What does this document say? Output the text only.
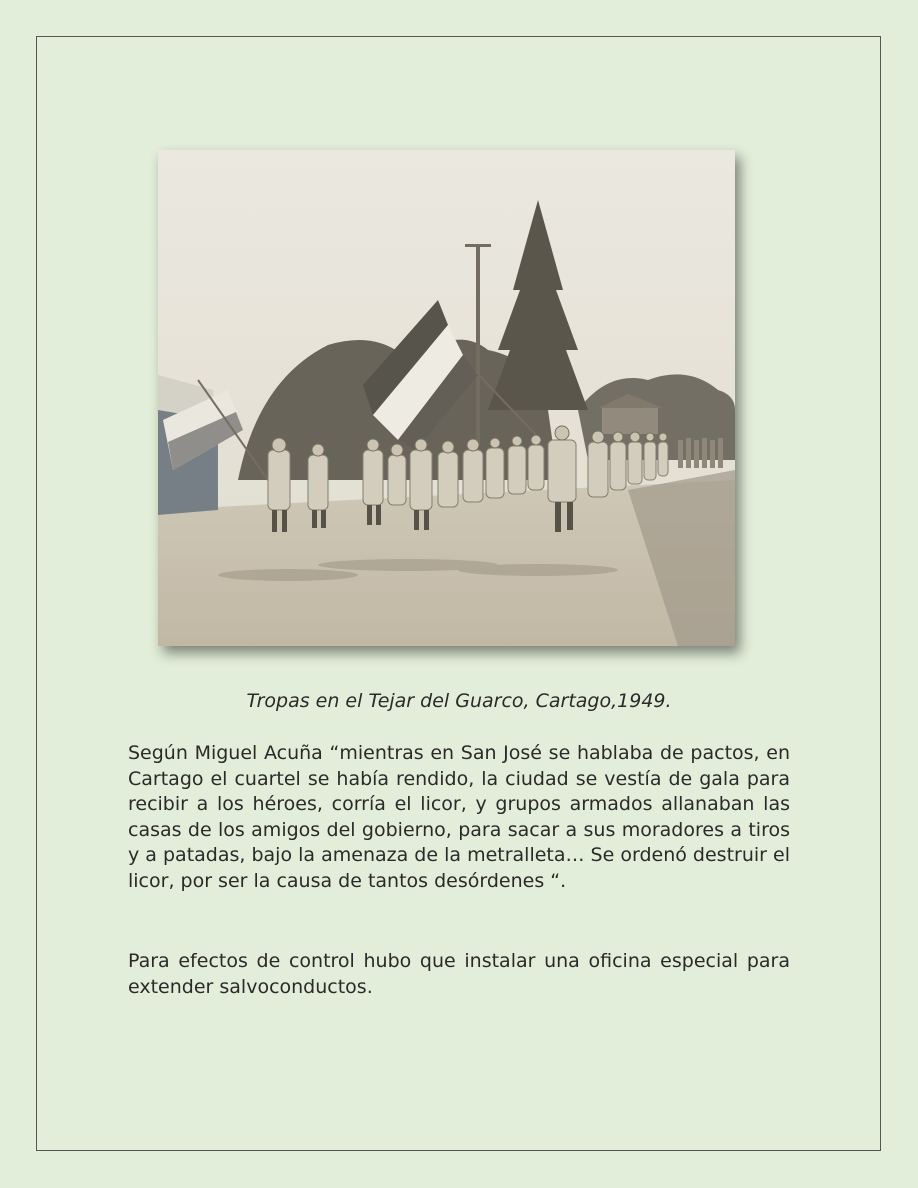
Tropas en el Tejar del Guarco, Cartago,1949.

Según Miguel Acuña “mientras en San José se hablaba de pactos, en Cartago el cuartel se había rendido, la ciudad se vestía de gala para recibir a los héroes, corría el licor, y grupos armados allanaban las casas de los amigos del gobierno, para sacar a sus moradores a tiros y a patadas, bajo la amenaza de la metralleta… Se ordenó destruir el licor, por ser la causa de tantos desórdenes “.

Para efectos de control hubo que instalar una oficina especial para extender salvoconductos.
